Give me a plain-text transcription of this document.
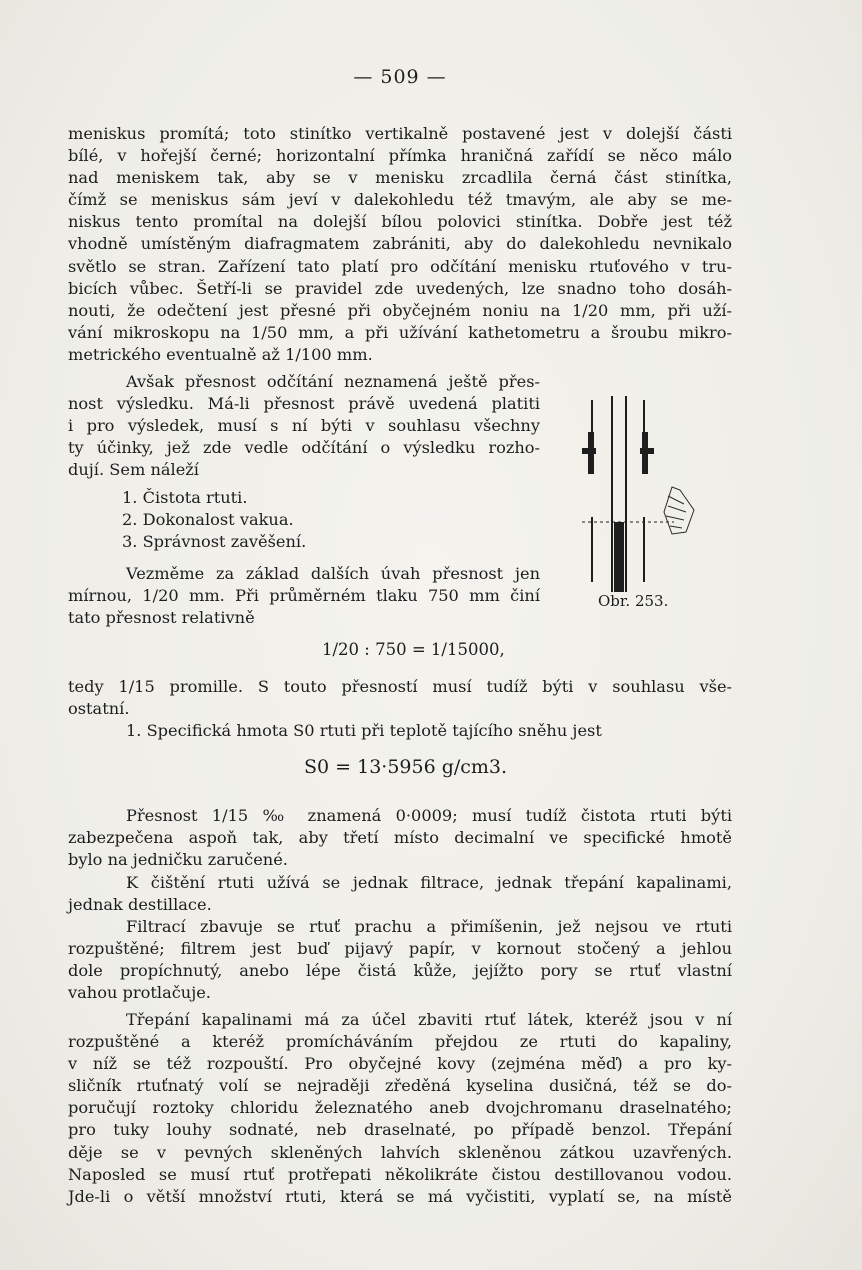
— 509 —
meniskus promítá; toto stinítko vertikalně postavené jest v dolejší části
bílé, v hořejší černé; horizontalní přímka hraničná zařídí se něco málo
nad meniskem tak, aby se v menisku zrcadlila černá část stinítka,
čímž se meniskus sám jeví v dalekohledu též tmavým, ale aby se me-
niskus tento promítal na dolejší bílou polovici stinítka. Dobře jest též
vhodně umístěným diafragmatem zabrániti, aby do dalekohledu nevnikalo
světlo se stran. Zařízení tato platí pro odčítání menisku rtuťového v tru-
bicích vůbec. Šetří-li se pravidel zde uvedených, lze snadno toho dosáh-
nouti, že odečtení jest přesné při obyčejném noniu na 1/20 mm, při uží-
vání mikroskopu na 1/50 mm, a při užívání kathetometru a šroubu mikro-
metrického eventualně až 1/100 mm.
Avšak přesnost odčítání neznamená ještě přes-
nost výsledku. Má-li přesnost právě uvedená platiti
i pro výsledek, musí s ní býti v souhlasu všechny
ty účinky, jež zde vedle odčítání o výsledku rozho-
dují. Sem náleží
1. Čistota rtuti.
2. Dokonalost vakua.
3. Správnost zavěšení.
Vezměme za základ dalších úvah přesnost jen
mírnou, 1/20 mm. Při průměrném tlaku 750 mm činí
tato přesnost relativně
Obr. 253.
1/20 : 750 = 1/15000,
tedy 1/15 promille. S touto přesností musí tudíž býti v souhlasu vše-
ostatní.
1. Specifická hmota S0 rtuti při teplotě tajícího sněhu jest
S0 = 13·5956 g/cm3.
Přesnost 1/15 ‰ znamená 0·0009; musí tudíž čistota rtuti býti
zabezpečena aspoň tak, aby třetí místo decimalní ve specifické hmotě
bylo na jedničku zaručené.
K čištění rtuti užívá se jednak filtrace, jednak třepání kapalinami,
jednak destillace.
Filtrací zbavuje se rtuť prachu a přimíšenin, jež nejsou ve rtuti
rozpuštěné; filtrem jest buď pijavý papír, v kornout stočený a jehlou
dole propíchnutý, anebo lépe čistá kůže, jejížto pory se rtuť vlastní
vahou protlačuje.
Třepání kapalinami má za účel zbaviti rtuť látek, kteréž jsou v ní
rozpuštěné a kteréž promícháváním přejdou ze rtuti do kapaliny,
v níž se též rozpouští. Pro obyčejné kovy (zejména měď) a pro ky-
sličník rtuťnatý volí se nejraději zředěná kyselina dusičná, též se do-
poručují roztoky chloridu železnatého aneb dvojchromanu draselnatého;
pro tuky louhy sodnaté, neb draselnaté, po případě benzol. Třepání
děje se v pevných skleněných lahvích skleněnou zátkou uzavřených.
Naposled se musí rtuť protřepati několikráte čistou destillovanou vodou.
Jde-li o větší množství rtuti, která se má vyčistiti, vyplatí se, na místě
